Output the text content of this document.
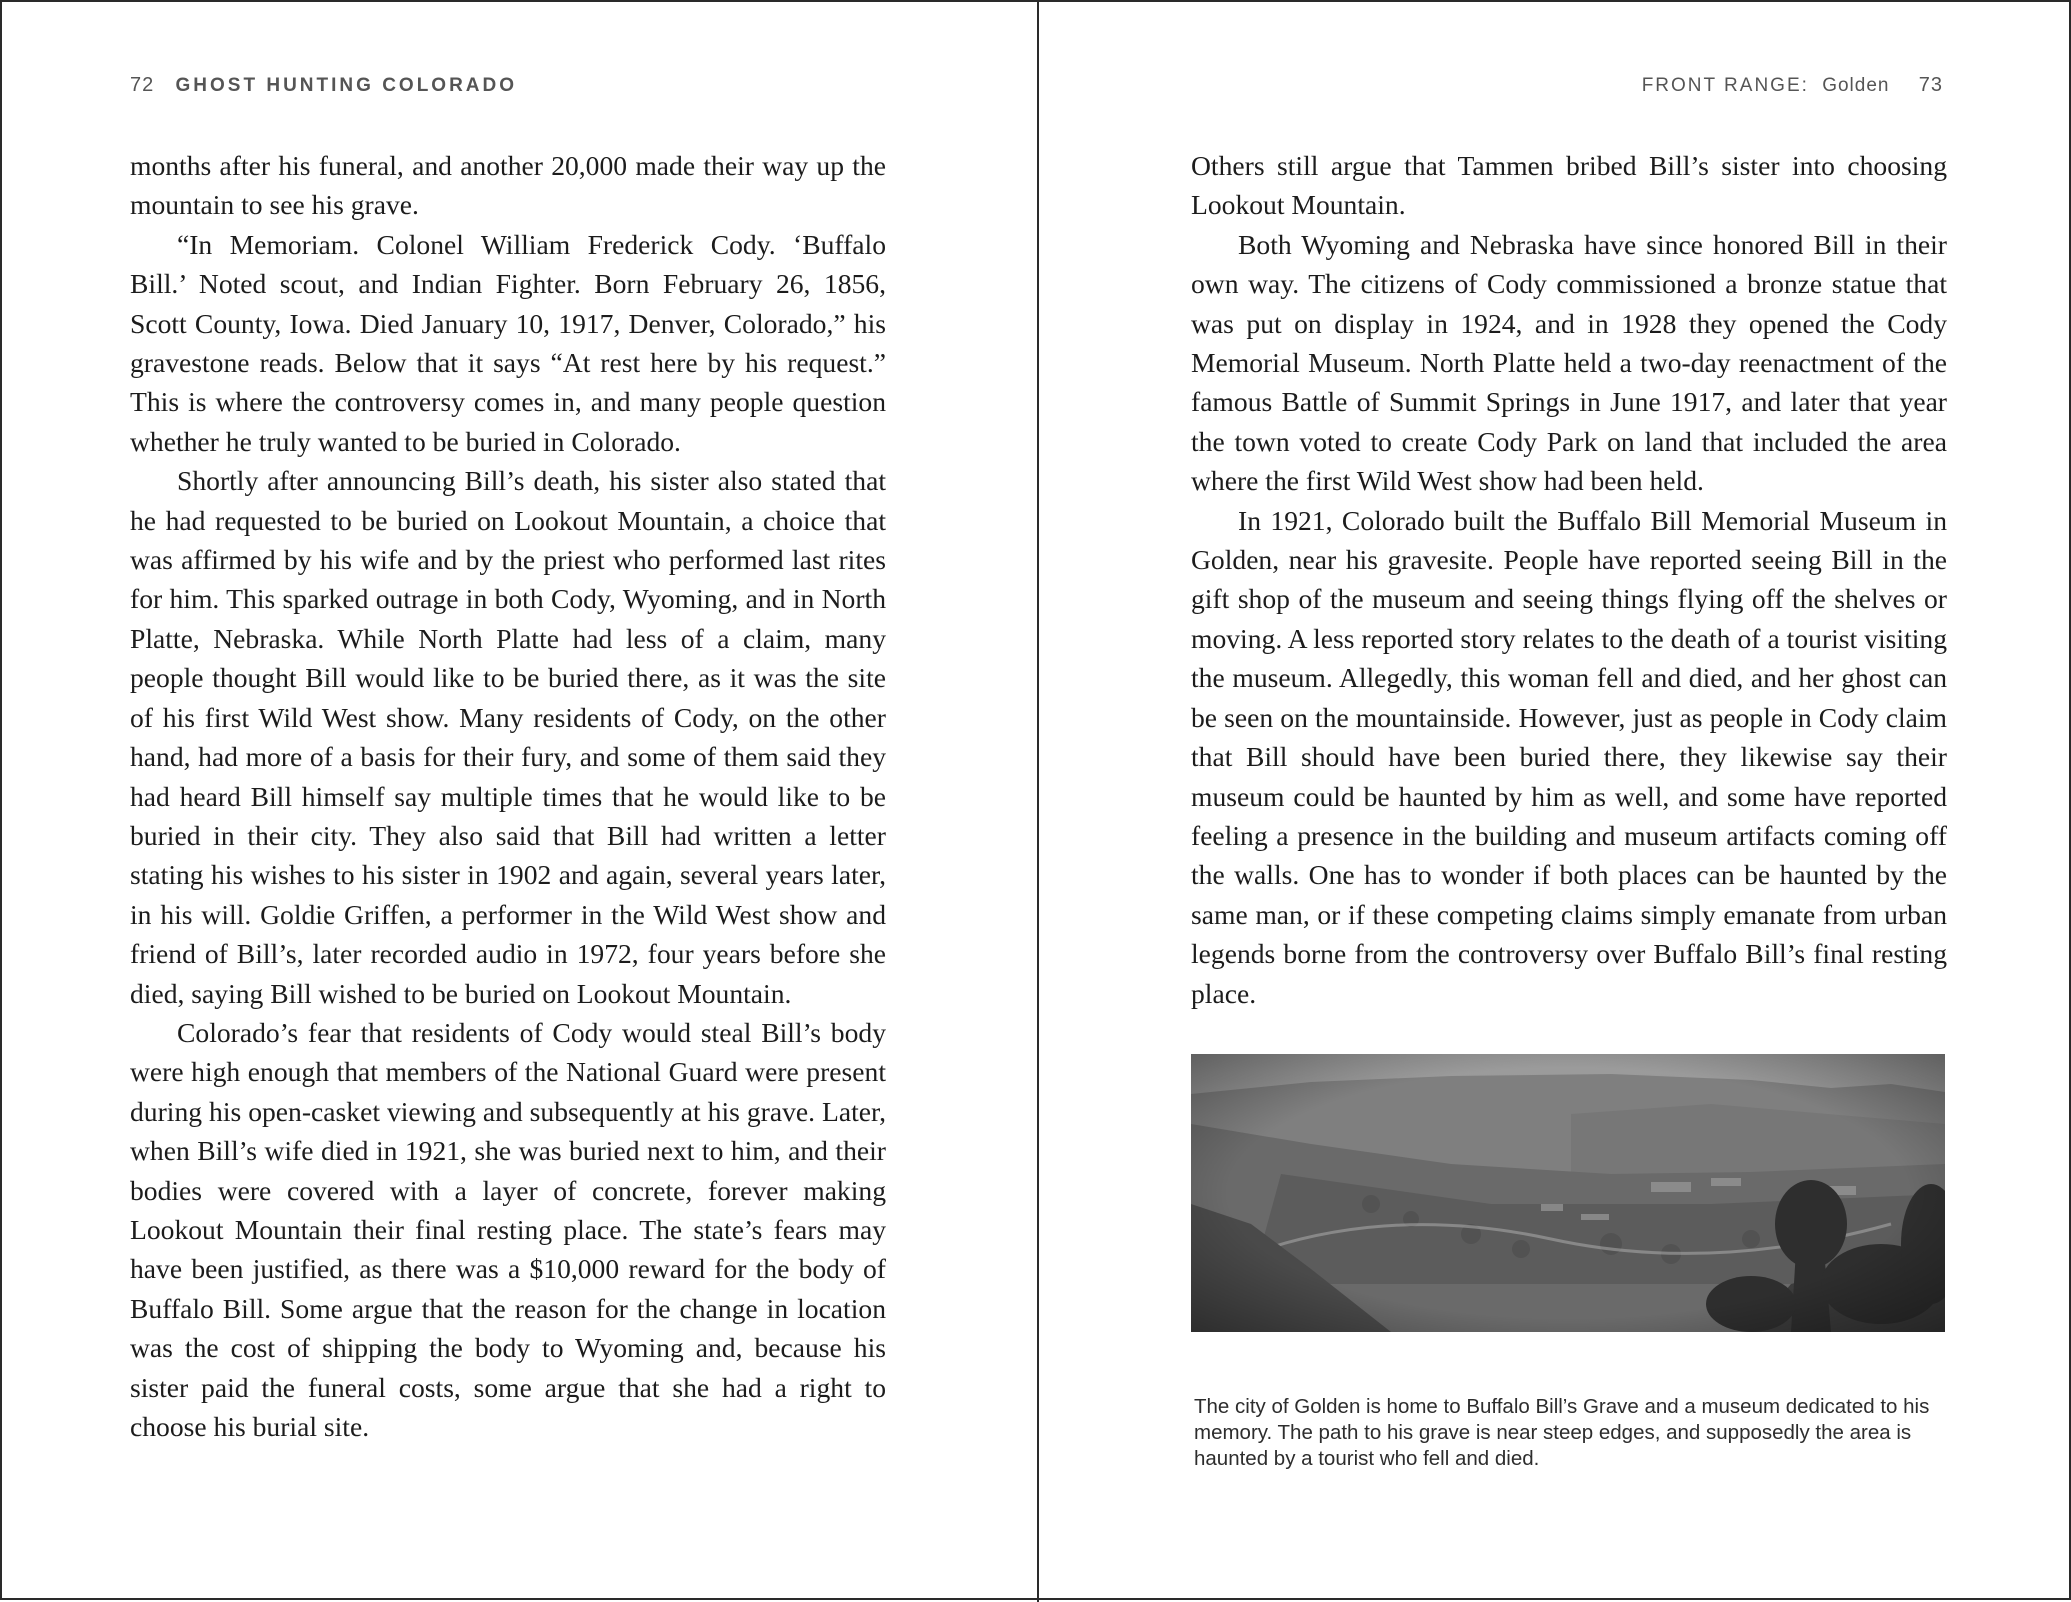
72 GHOST HUNTING COLORADO

months after his funeral, and another 20,000 made their way up the mountain to see his grave.

“In Memoriam. Colonel William Frederick Cody. ‘Buffalo Bill.’ Noted scout, and Indian Fighter. Born February 26, 1856, Scott County, Iowa. Died January 10, 1917, Denver, Colorado,” his gravestone reads. Below that it says “At rest here by his request.” This is where the controversy comes in, and many people question whether he truly wanted to be buried in Colorado.

Shortly after announcing Bill’s death, his sister also stated that he had requested to be buried on Lookout Mountain, a choice that was affirmed by his wife and by the priest who performed last rites for him. This sparked outrage in both Cody, Wyoming, and in North Platte, Nebraska. While North Platte had less of a claim, many people thought Bill would like to be buried there, as it was the site of his first Wild West show. Many residents of Cody, on the other hand, had more of a basis for their fury, and some of them said they had heard Bill himself say multiple times that he would like to be buried in their city. They also said that Bill had written a letter stating his wishes to his sister in 1902 and again, several years later, in his will. Goldie Griffen, a performer in the Wild West show and friend of Bill’s, later recorded audio in 1972, four years before she died, saying Bill wished to be buried on Lookout Mountain.

Colorado’s fear that residents of Cody would steal Bill’s body were high enough that members of the National Guard were present during his open-casket viewing and subsequently at his grave. Later, when Bill’s wife died in 1921, she was buried next to him, and their bodies were covered with a layer of concrete, forever making Lookout Mountain their final resting place. The state’s fears may have been justified, as there was a $10,000 reward for the body of Buffalo Bill. Some argue that the reason for the change in location was the cost of shipping the body to Wyoming and, because his sister paid the funeral costs, some argue that she had a right to choose his burial site.

FRONT RANGE: Golden 73

Others still argue that Tammen bribed Bill’s sister into choosing Lookout Mountain.

Both Wyoming and Nebraska have since honored Bill in their own way. The citizens of Cody commissioned a bronze statue that was put on display in 1924, and in 1928 they opened the Cody Memorial Museum. North Platte held a two-day reenactment of the famous Battle of Summit Springs in June 1917, and later that year the town voted to create Cody Park on land that included the area where the first Wild West show had been held.

In 1921, Colorado built the Buffalo Bill Memorial Museum in Golden, near his gravesite. People have reported seeing Bill in the gift shop of the museum and seeing things flying off the shelves or moving. A less reported story relates to the death of a tourist visiting the museum. Allegedly, this woman fell and died, and her ghost can be seen on the mountainside. However, just as people in Cody claim that Bill should have been buried there, they likewise say their museum could be haunted by him as well, and some have reported feeling a presence in the building and museum artifacts coming off the walls. One has to wonder if both places can be haunted by the same man, or if these competing claims simply emanate from urban legends borne from the controversy over Buffalo Bill’s final resting place.

The city of Golden is home to Buffalo Bill’s Grave and a museum dedicated to his memory. The path to his grave is near steep edges, and supposedly the area is haunted by a tourist who fell and died.
